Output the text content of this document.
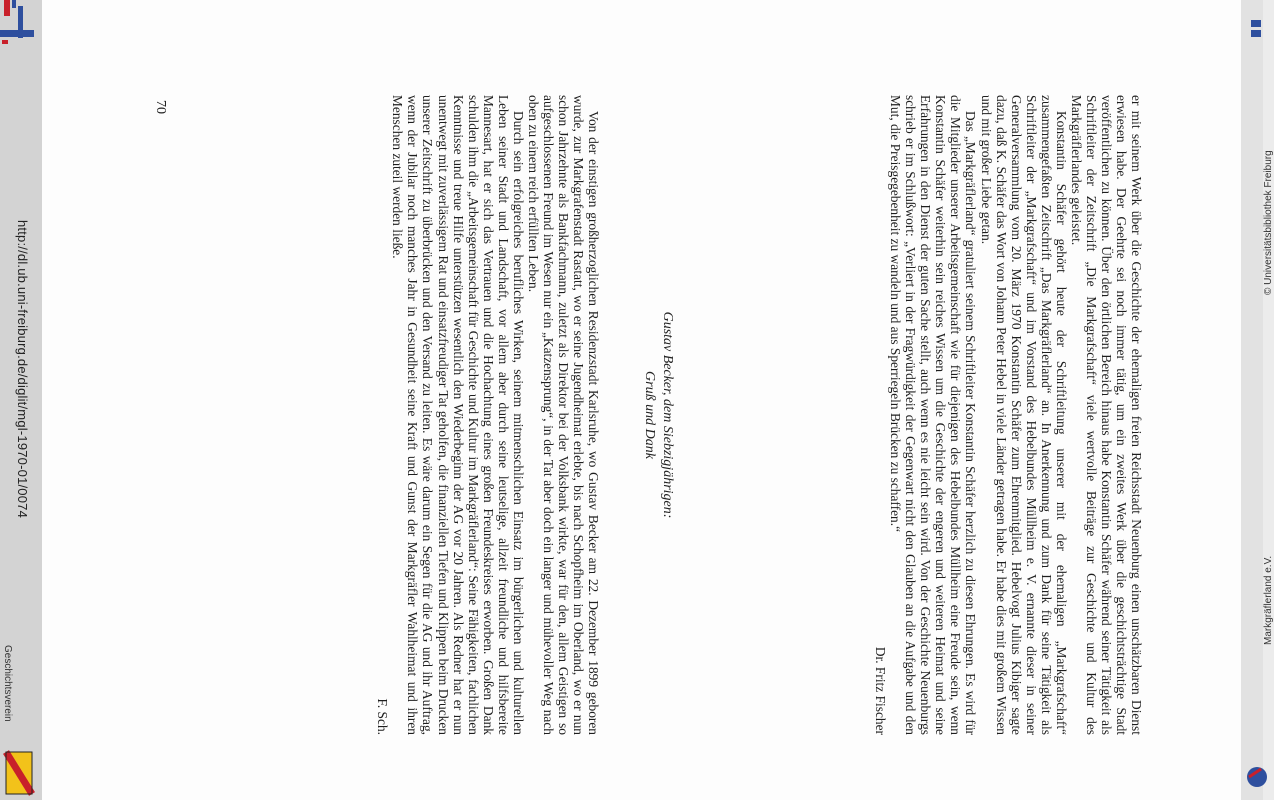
http://dl.ub.uni-freiburg.de/diglit/mgl-1970-01/0074
Geschichtsverein
© Universitätsbibliothek Freiburg
Markgräflerland e.V.
70

Von der einstigen großherzoglichen Residenzstadt Karlsruhe, wo Gustav Becker am 22. Dezember 1899 geboren wurde, zur Markgrafenstadt Rastatt, wo er seine Jugendheimat erlebte, bis nach Schopfheim im Oberland, wo er nun schon Jahrzehnte als Bankfachmann, zuletzt als Direktor bei der Volksbank wirkte, war für den, allem Geistigen so aufgeschlossenen Freund im Wesen nur ein „Katzensprung“, in der Tat aber doch ein langer und mühevoller Weg nach oben zu einem reich erfüllten Leben.

Durch sein erfolgreiches berufliches Wirken, seinem mitmenschlichen Einsatz im bürgerlichen und kulturellen Leben seiner Stadt und Landschaft, vor allem aber durch seine leutselige, allzeit freundliche und hilfsbereite Mannesart, hat er sich das Vertrauen und die Hochachtung eines großen Freundeskreises erworben. Großen Dank schulden ihm die „Arbeitsgemeinschaft für Geschichte und Kultur im Markgräflerland“: Seine Fähigkeiten, fachlichen Kenntnisse und treue Hilfe unterstützen wesentlich den Wiederbeginn der AG vor 20 Jahren. Als Redner hat er nun unentwegt mit zuverlässigem Rat und einsatzfreudiger Tat geholfen, die finanziellen Tiefen und Klippen beim Drucken unserer Zeitschrift zu überbrücken und den Versand zu leiten. Es wäre darum ein Segen für die AG und ihr Auftrag, wenn der Jubilar noch manches Jahr in Gesundheit seine Kraft und Gunst der Markgräfler Wahlheimat und ihren Menschen zuteil werden ließe.

F. Sch.

Gustav Becker, dem Siebzigjährigen:
Gruß und Dank	er mit seinem Werk über die Geschichte der ehemaligen freien Reichsstadt Neuenburg einen unschätzbaren Dienst erwiesen habe. Der Geehrte sei noch immer tätig, um ein zweites Werk über die geschichtsträchtige Stadt veröffentlichen zu können. Über den örtlichen Bereich hinaus habe Konstantin Schäfer während seiner Tätigkeit als Schriftleiter der Zeitschrift „Die Markgrafschaft“ viele wertvolle Beiträge zur Geschichte und Kultur des Markgräflerlandes geleistet.

Konstantin Schäfer gehört heute der Schriftleitung unserer mit der ehemaligen „Markgrafschaft“ zusammengefaßten Zeitschrift „Das Markgräflerland“ an. In Anerkennung und zum Dank für seine Tätigkeit als Schriftleiter der „Markgrafschaft“ und im Vorstand des Hebelbundes Müllheim e. V. ernannte dieser in seiner Generalversammlung vom 20. März 1970 Konstantin Schäfer zum Ehrenmitglied. Hebelvogt Julius Kibiger sagte dazu, daß K. Schäfer das Wort von Johann Peter Hebel in viele Länder getragen habe. Er habe dies mit großem Wissen und mit großer Liebe getan.

Das „Markgräflerland“ gratuliert seinem Schriftleiter Konstantin Schäfer herzlich zu diesen Ehrungen. Es wird für die Mitglieder unserer Arbeitsgemeinschaft wie für diejenigen des Hebelbundes Müllheim eine Freude sein, wenn Konstantin Schäfer weiterhin sein reiches Wissen um die Geschichte der engeren und weiteren Heimat und seine Erfahrungen in den Dienst der guten Sache stellt, auch wenn es nie leicht sein wird. Von der Geschichte Neuenburgs schrieb er im Schlußwort: „Verliert in der Fragwürdigkeit der Gegenwart nicht den Glauben an die Aufgabe und den Mut, die Preisgegebenheit zu wandeln und aus Sperriegeln Brücken zu schaffen.“

Dr. Fritz Fischer
